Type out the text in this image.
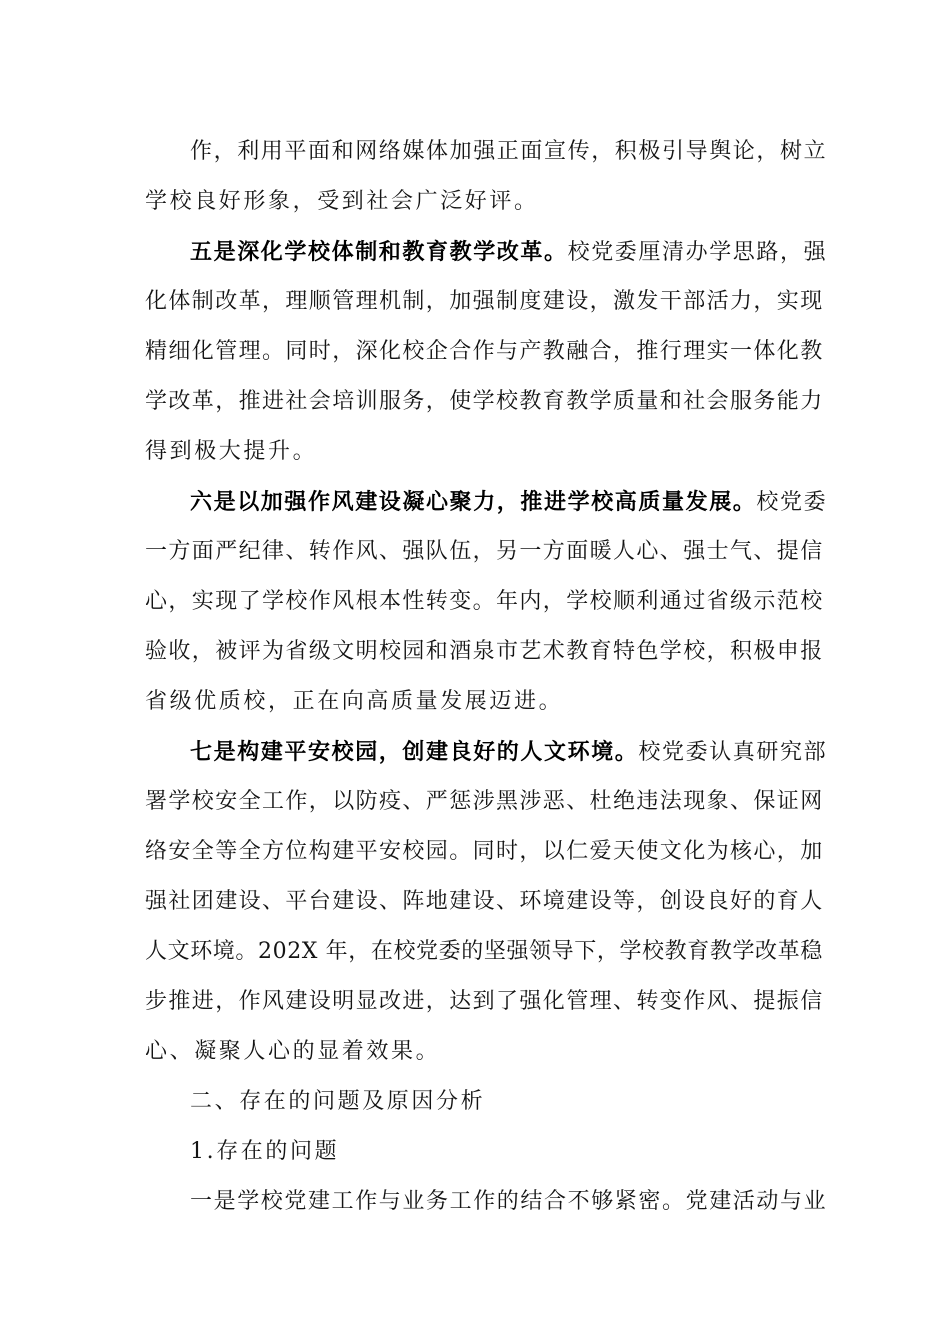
作，利用平面和网络媒体加强正面宣传，积极引导舆论，树立
学校良好形象，受到社会广泛好评。
五是深化学校体制和教育教学改革。校党委厘清办学思路，强
化体制改革，理顺管理机制，加强制度建设，激发干部活力，实现
精细化管理。同时，深化校企合作与产教融合，推行理实一体化教
学改革，推进社会培训服务，使学校教育教学质量和社会服务能力
得到极大提升。
六是以加强作风建设凝心聚力，推进学校高质量发展。校党委
一方面严纪律、转作风、强队伍，另一方面暖人心、强士气、提信
心，实现了学校作风根本性转变。年内，学校顺利通过省级示范校
验收，被评为省级文明校园和酒泉市艺术教育特色学校，积极申报
省级优质校，正在向高质量发展迈进。
七是构建平安校园，创建良好的人文环境。校党委认真研究部
署学校安全工作，以防疫、严惩涉黑涉恶、杜绝违法现象、保证网
络安全等全方位构建平安校园。同时，以仁爱天使文化为核心，加
强社团建设、平台建设、阵地建设、环境建设等，创设良好的育人
人文环境。202X 年，在校党委的坚强领导下，学校教育教学改革稳
步推进，作风建设明显改进，达到了强化管理、转变作风、提振信
心、凝聚人心的显着效果。
二、存在的问题及原因分析
1.存在的问题
一是学校党建工作与业务工作的结合不够紧密。党建活动与业
